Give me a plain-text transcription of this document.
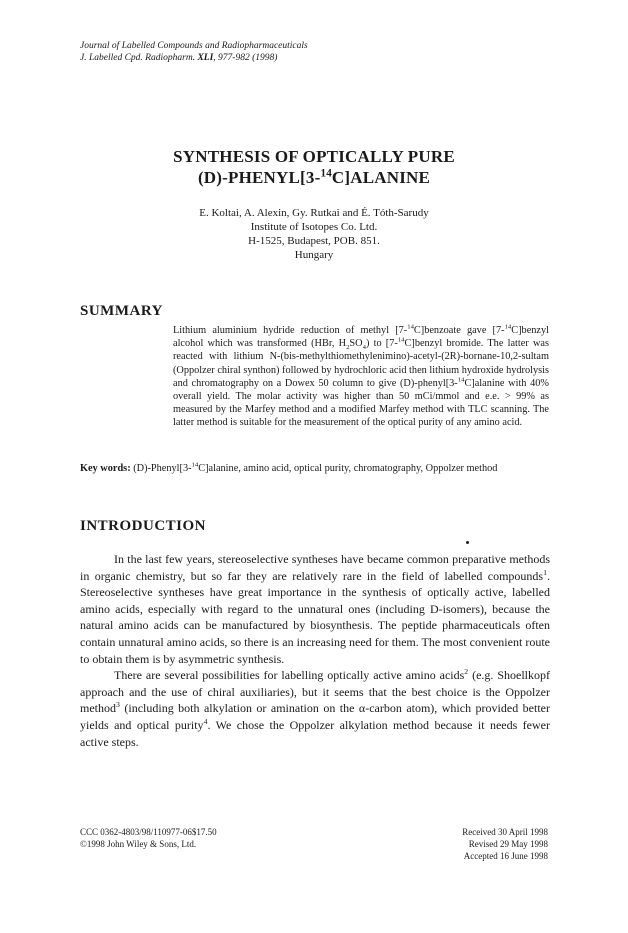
Journal of Labelled Compounds and Radiopharmaceuticals
J. Labelled Cpd. Radiopharm. XLI, 977-982 (1998)
SYNTHESIS OF OPTICALLY PURE
(D)-PHENYL[3-$^{14}$C]ALANINE
E. Koltai, A. Alexin, Gy. Rutkai and É. Tóth-Sarudy
Institute of Isotopes Co. Ltd.
H-1525, Budapest, POB. 851.
Hungary
SUMMARY
Lithium aluminium hydride reduction of methyl [7-$^{14}$C]benzoate gave [7-$^{14}$C]benzyl alcohol which was transformed (HBr, $H_2SO_4$) to [7-$^{14}$C]benzyl bromide. The latter was reacted with lithium N-(bis-methylthiomethylenimino)-acetyl-(2R)-bornane-10,2-sultam (Oppolzer chiral synthon) followed by hydrochloric acid then lithium hydroxide hydrolysis and chromatography on a Dowex 50 column to give (D)-phenyl[3-$^{14}$C]alanine with 40% overall yield. The molar activity was higher than 50 mCi/mmol and e.e. > 99% as measured by the Marfey method and a modified Marfey method with TLC scanning. The latter method is suitable for the measurement of the optical purity of any amino acid.
Key words: (D)-Phenyl[3-$^{14}$C]alanine, amino acid, optical purity, chromatography, Oppolzer method
INTRODUCTION

In the last few years, stereoselective syntheses have became common preparative methods in organic chemistry, but so far they are relatively rare in the field of labelled compounds$^1$. Stereoselective syntheses have great importance in the synthesis of optically active, labelled amino acids, especially with regard to the unnatural ones (including D-isomers), because the natural amino acids can be manufactured by biosynthesis. The peptide pharmaceuticals often contain unnatural amino acids, so there is an increasing need for them. The most convenient route to obtain them is by asymmetric synthesis.

There are several possibilities for labelling optically active amino acids$^2$ (e.g. Shoellkopf approach and the use of chiral auxiliaries), but it seems that the best choice is the Oppolzer method$^3$ (including both alkylation or amination on the α-carbon atom), which provided better yields and optical purity$^4$. We chose the Oppolzer alkylation method because it needs fewer active steps.

CCC 0362-4803/98/110977-06$17.50
©1998 John Wiley & Sons, Ltd.
Received 30 April 1998
Revised 29 May 1998
Accepted 16 June 1998
